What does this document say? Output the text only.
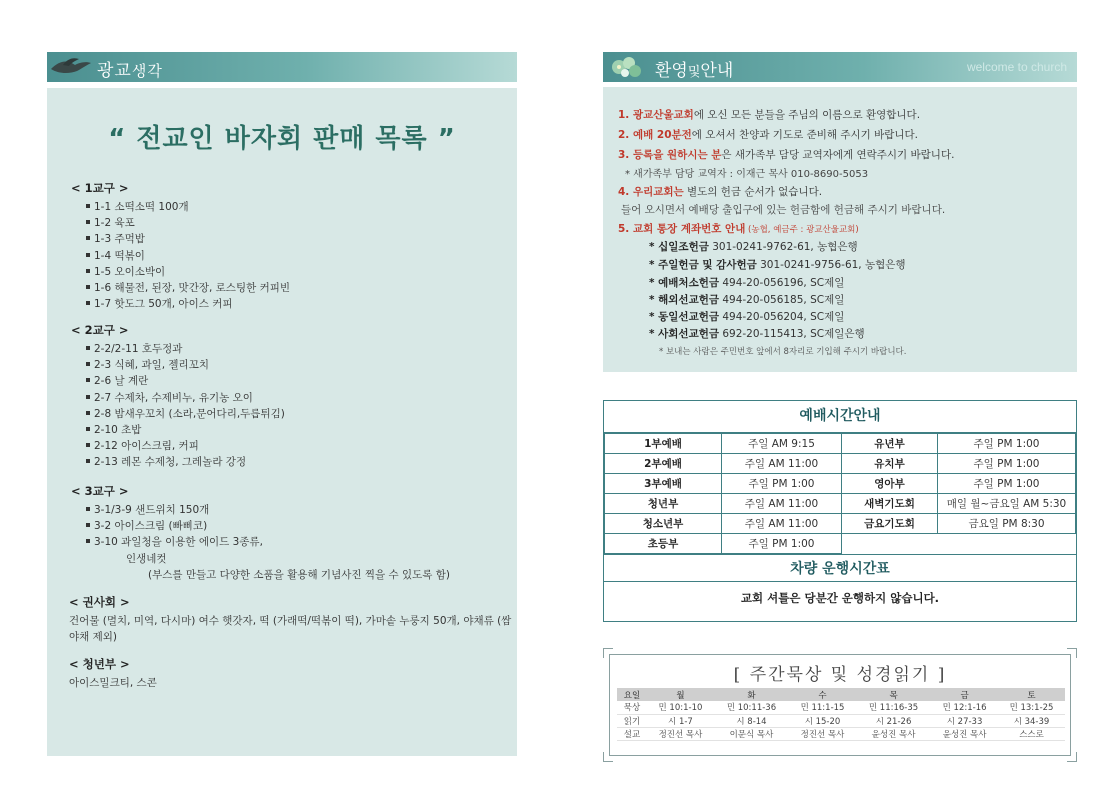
광교생각
“ 전교인 바자회 판매 목록 ”
< 1교구 >
1-1 소떡소떡 100개
1-2 육포
1-3 주먹밥
1-4 떡볶이
1-5 오이소박이
1-6 해물전, 된장, 맛간장, 로스팅한 커피빈
1-7 핫도그 50개, 아이스 커피
< 2교구 >
2-2/2-11 호두정과
2-3 식혜, 과일, 젤리꼬치
2-6 날 계란
2-7 수제차, 수제비누, 유기농 오이
2-8 밤새우꼬치 (소라,문어다리,두릅튀김)
2-10 초밥
2-12 아이스크림, 커피
2-13 레몬 수제청, 그레놀라 강정
< 3교구 >
3-1/3-9 샌드위치 150개
3-2 아이스크림 (빠삐코)
3-10 과일청을 이용한 에이드 3종류,
인생네컷
(부스를 만들고 다양한 소품을 활용해 기념사진 찍을 수 있도록 함)
< 권사회 >
건어물 (멸치, 미역, 다시마) 여수 햇갓자, 떡 (가래떡/떡볶이 떡), 가마솥 누룽지 50개, 야채류 (쌈야채 제외)
< 청년부 >
아이스밀크티, 스콘
환영및안내	welcome to church
1. 광교산울교회에 오신 모든 분들을 주님의 이름으로 환영합니다.
2. 예배 20분전에 오셔서 찬양과 기도로 준비해 주시기 바랍니다.
3. 등록을 원하시는 분은 새가족부 담당 교역자에게 연락주시기 바랍니다.
* 새가족부 담당 교역자 : 이재근 목사 010-8690-5053
4. 우리교회는 별도의 헌금 순서가 없습니다.
들어 오시면서 예배당 출입구에 있는 헌금함에 헌금해 주시기 바랍니다.
5. 교회 통장 계좌번호 안내 (농협, 예금주 : 광교산울교회)
* 십일조헌금 301-0241-9762-61, 농협은행
* 주일헌금 및 감사헌금 301-0241-9756-61, 농협은행
* 예배처소헌금 494-20-056196, SC제일
* 해외선교헌금 494-20-056185, SC제일
* 동일선교헌금 494-20-056204, SC제일
* 사회선교헌금 692-20-115413, SC제일은행
* 보내는 사람은 주민번호 앞에서 8자리로 기입해 주시기 바랍니다.
예배시간안내
1부예배	주일 AM 9:15	유년부	주일 PM 1:00
2부예배	주일 AM 11:00	유치부	주일 PM 1:00
3부예배	주일 PM 1:00	영아부	주일 PM 1:00
청년부	주일 AM 11:00	새벽기도회	매일 월~금요일 AM 5:30
청소년부	주일 AM 11:00	금요기도회	금요일 PM 8:30
초등부	주일 PM 1:00		
차량 운행시간표
교회 셔틀은 당분간 운행하지 않습니다.
[ 주간묵상 및 성경읽기 ]
요일	월	화	수	목	금	토
묵상	민 10:1-10	민 10:11-36	민 11:1-15	민 11:16-35	민 12:1-16	민 13:1-25
읽기	시 1-7	시 8-14	시 15-20	시 21-26	시 27-33	시 34-39
설교	정진선 목사	이문식 목사	정진선 목사	윤성진 목사	윤성진 목사	스스로
